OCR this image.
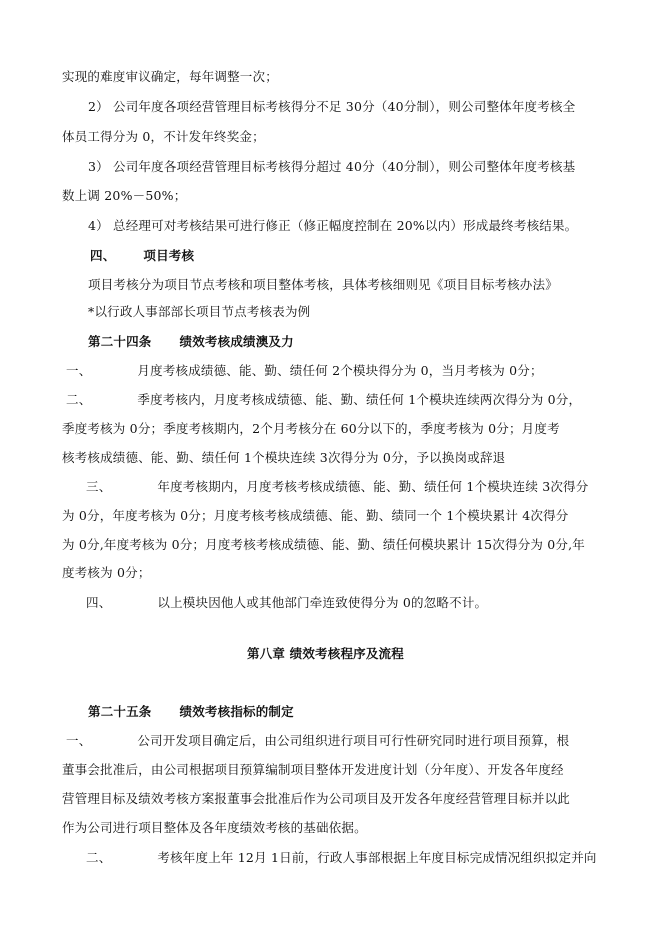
实现的难度审议确定，每年调整一次；
2） 公司年度各项经营管理目标考核得分不足 30分（40分制），则公司整体年度考核全
体员工得分为 0，不计发年终奖金；
3） 公司年度各项经营管理目标考核得分超过 40分（40分制），则公司整体年度考核基
数上调 20%－50%；
4） 总经理可对考核结果可进行修正（修正幅度控制在 20%以内）形成最终考核结果。
四、 项目考核
项目考核分为项目节点考核和项目整体考核，具体考核细则见《项目目标考核办法》
*以行政人事部部长项目节点考核表为例
第二十四条 绩效考核成绩澳及力
一、	月度考核成绩德、能、勤、绩任何 2个模块得分为 0，当月考核为 0分；
二、	季度考核内，月度考核成绩德、能、勤、绩任何 1个模块连续两次得分为 0分，
季度考核为 0分；季度考核期内，2个月考核分在 60分以下的，季度考核为 0分；月度考
核考核成绩德、能、勤、绩任何 1个模块连续 3次得分为 0分，予以换岗或辞退
三、	年度考核期内，月度考核考核成绩德、能、勤、绩任何 1个模块连续 3次得分
为 0分，年度考核为 0分；月度考核考核成绩德、能、勤、绩同一个 1个模块累计 4次得分
为 0分,年度考核为 0分；月度考核考核成绩德、能、勤、绩任何模块累计 15次得分为 0分,年
度考核为 0分；
四、	以上模块因他人或其他部门牵连致使得分为 0的忽略不计。
第八章 绩效考核程序及流程
第二十五条 绩效考核指标的制定
一、	公司开发项目确定后，由公司组织进行项目可行性研究同时进行项目预算，根
董事会批准后，由公司根据项目预算编制项目整体开发进度计划（分年度）、开发各年度经
营管理目标及绩效考核方案报董事会批准后作为公司项目及开发各年度经营管理目标并以此
作为公司进行项目整体及各年度绩效考核的基础依据。
二、	考核年度上年 12月 1日前，行政人事部根据上年度目标完成情况组织拟定并向
